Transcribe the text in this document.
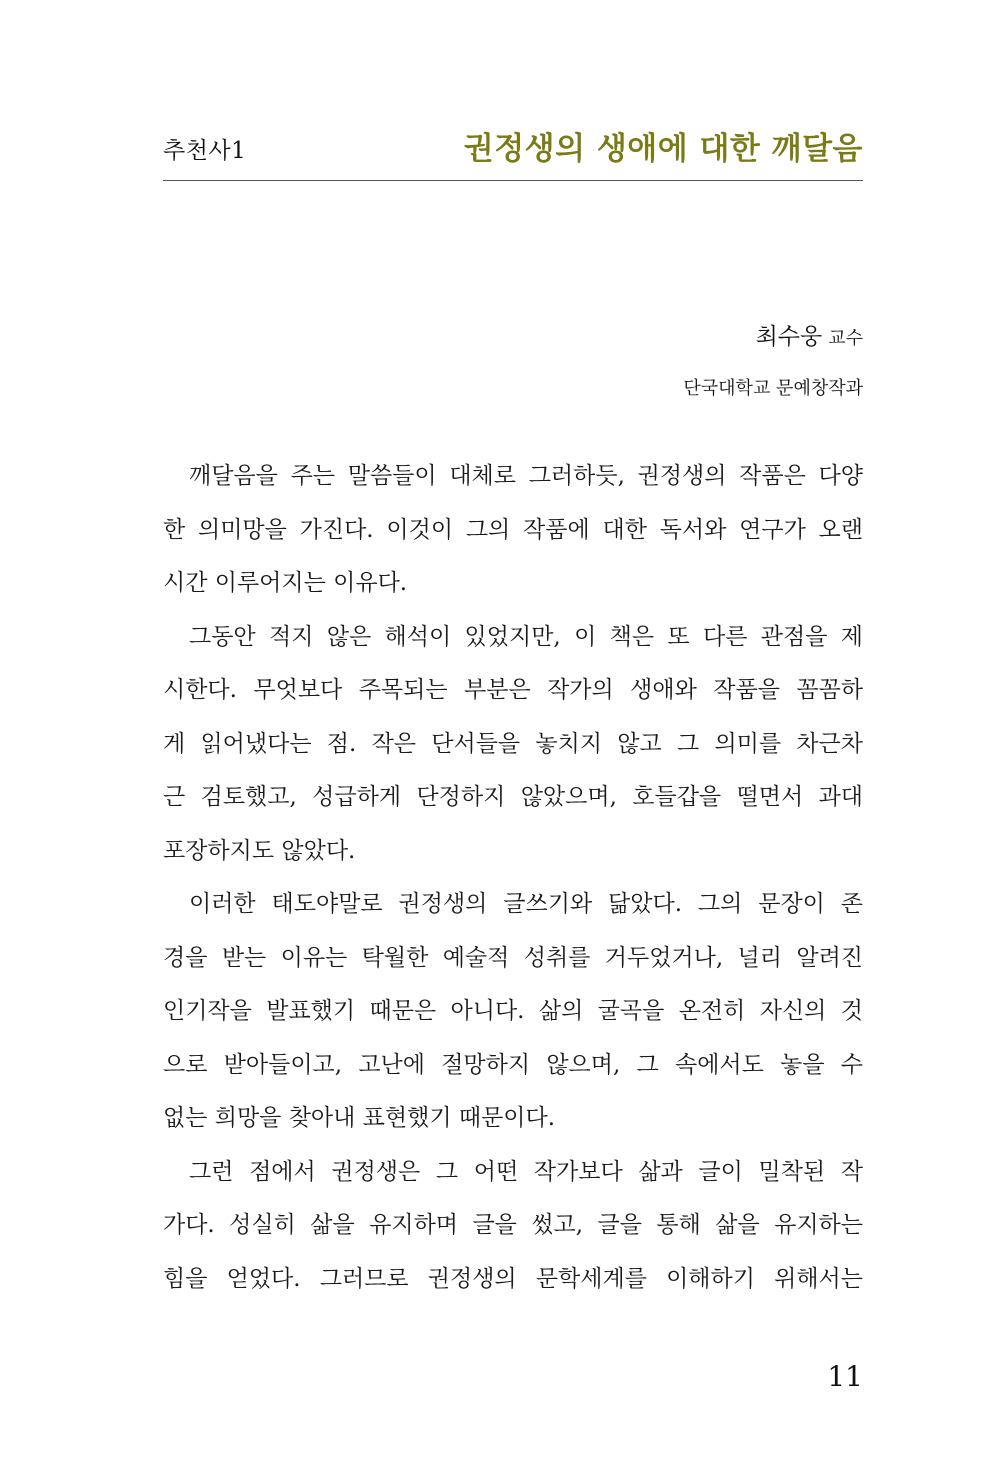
추천사1	권정생의 생애에 대한 깨달음
최수웅 교수
단국대학교 문예창작과
깨달음을 주는 말씀들이 대체로 그러하듯, 권정생의 작품은 다양
한 의미망을 가진다. 이것이 그의 작품에 대한 독서와 연구가 오랜
시간 이루어지는 이유다.
그동안 적지 않은 해석이 있었지만, 이 책은 또 다른 관점을 제
시한다. 무엇보다 주목되는 부분은 작가의 생애와 작품을 꼼꼼하
게 읽어냈다는 점. 작은 단서들을 놓치지 않고 그 의미를 차근차
근 검토했고, 성급하게 단정하지 않았으며, 호들갑을 떨면서 과대
포장하지도 않았다.
이러한 태도야말로 권정생의 글쓰기와 닮았다. 그의 문장이 존
경을 받는 이유는 탁월한 예술적 성취를 거두었거나, 널리 알려진
인기작을 발표했기 때문은 아니다. 삶의 굴곡을 온전히 자신의 것
으로 받아들이고, 고난에 절망하지 않으며, 그 속에서도 놓을 수
없는 희망을 찾아내 표현했기 때문이다.
그런 점에서 권정생은 그 어떤 작가보다 삶과 글이 밀착된 작
가다. 성실히 삶을 유지하며 글을 썼고, 글을 통해 삶을 유지하는
힘을 얻었다. 그러므로 권정생의 문학세계를 이해하기 위해서는
11
